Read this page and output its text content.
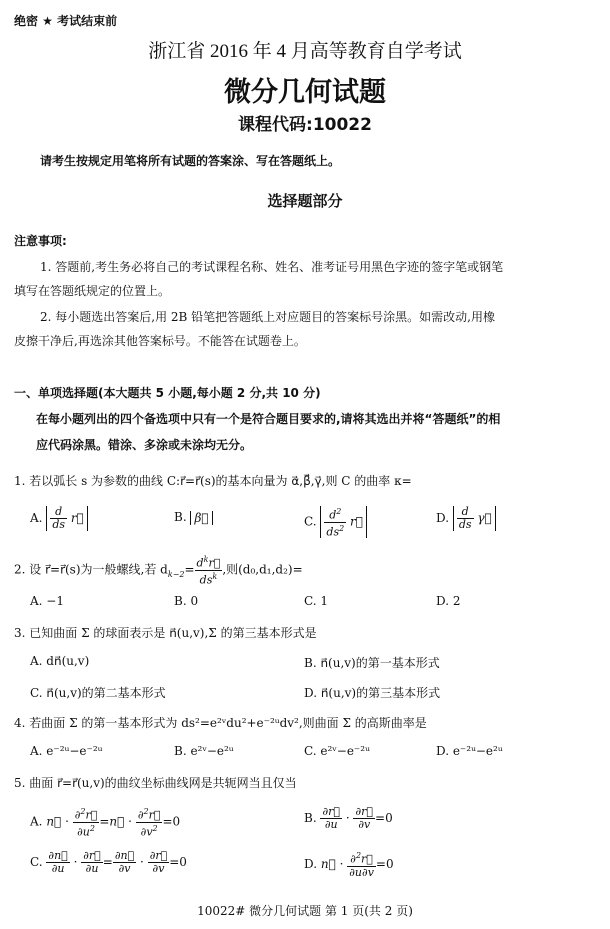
绝密 ★ 考试结束前
浙江省 2016 年 4 月高等教育自学考试
微分几何试题
课程代码:10022
请考生按规定用笔将所有试题的答案涂、写在答题纸上。
选择题部分
注意事项:
1. 答题前,考生务必将自己的考试课程名称、姓名、准考证号用黑色字迹的签字笔或钢笔
填写在答题纸规定的位置上。
2. 每小题选出答案后,用 2B 铅笔把答题纸上对应题目的答案标号涂黑。如需改动,用橡
皮擦干净后,再选涂其他答案标号。不能答在试题卷上。
一、单项选择题(本大题共 5 小题,每小题 2 分,共 10 分)
在每小题列出的四个备选项中只有一个是符合题目要求的,请将其选出并将“答题纸”的相
应代码涂黑。错涂、多涂或未涂均无分。
1. 若以弧长 s 为参数的曲线 C:r⃗=r⃗(s)的基本向量为 α⃗,β⃗,γ⃗,则 C 的曲率 κ=
A. $\frac{d}{ds}$ r⃗	B. β⃗	C. $\frac{d^2}{ds^2}$ r⃗	D. $\frac{d}{ds}$ γ⃗
2. 设 r⃗=r⃗(s)为一般螺线,若 $d_{k-2}= \frac{d^kr⃗}{ds^k}$ ,则(d₀,d₁,d₂)=
A. −1	B. 0	C. 1	D. 2
3. 已知曲面 Σ 的球面表示是 n⃗(u,v),Σ 的第三基本形式是
A. dn⃗(u,v)	B. n⃗(u,v)的第一基本形式
C. n⃗(u,v)的第二基本形式	D. n⃗(u,v)的第三基本形式
4. 若曲面 Σ 的第一基本形式为 ds²=e²ᵛdu²+e⁻²ᵘdv²,则曲面 Σ 的高斯曲率是
A. e⁻²ᵘ−e⁻²ᵘ	B. e²ᵛ−e²ᵘ	C. e²ᵛ−e⁻²ᵘ	D. e⁻²ᵘ−e²ᵘ
5. 曲面 r⃗=r⃗(u,v)的曲纹坐标曲线网是共轭网当且仅当
A. n⃗ · $\frac{\partial^2r⃗}{\partial u^2}$ =n⃗ · $\frac{\partial^2r⃗}{\partial v^2} =0$	B. $\frac{\partial r⃗}{\partial u} \cdot \frac{\partial r⃗}{\partial v} =0$
C. $\frac{\partial n⃗}{\partial u} \cdot \frac{\partial r⃗}{\partial u} = \frac{\partial n⃗}{\partial v} \cdot \frac{\partial r⃗}{\partial v} =0$	D. n⃗ · $\frac{\partial^2r⃗}{\partial u\partial v} =0$
10022# 微分几何试题 第 1 页(共 2 页)
